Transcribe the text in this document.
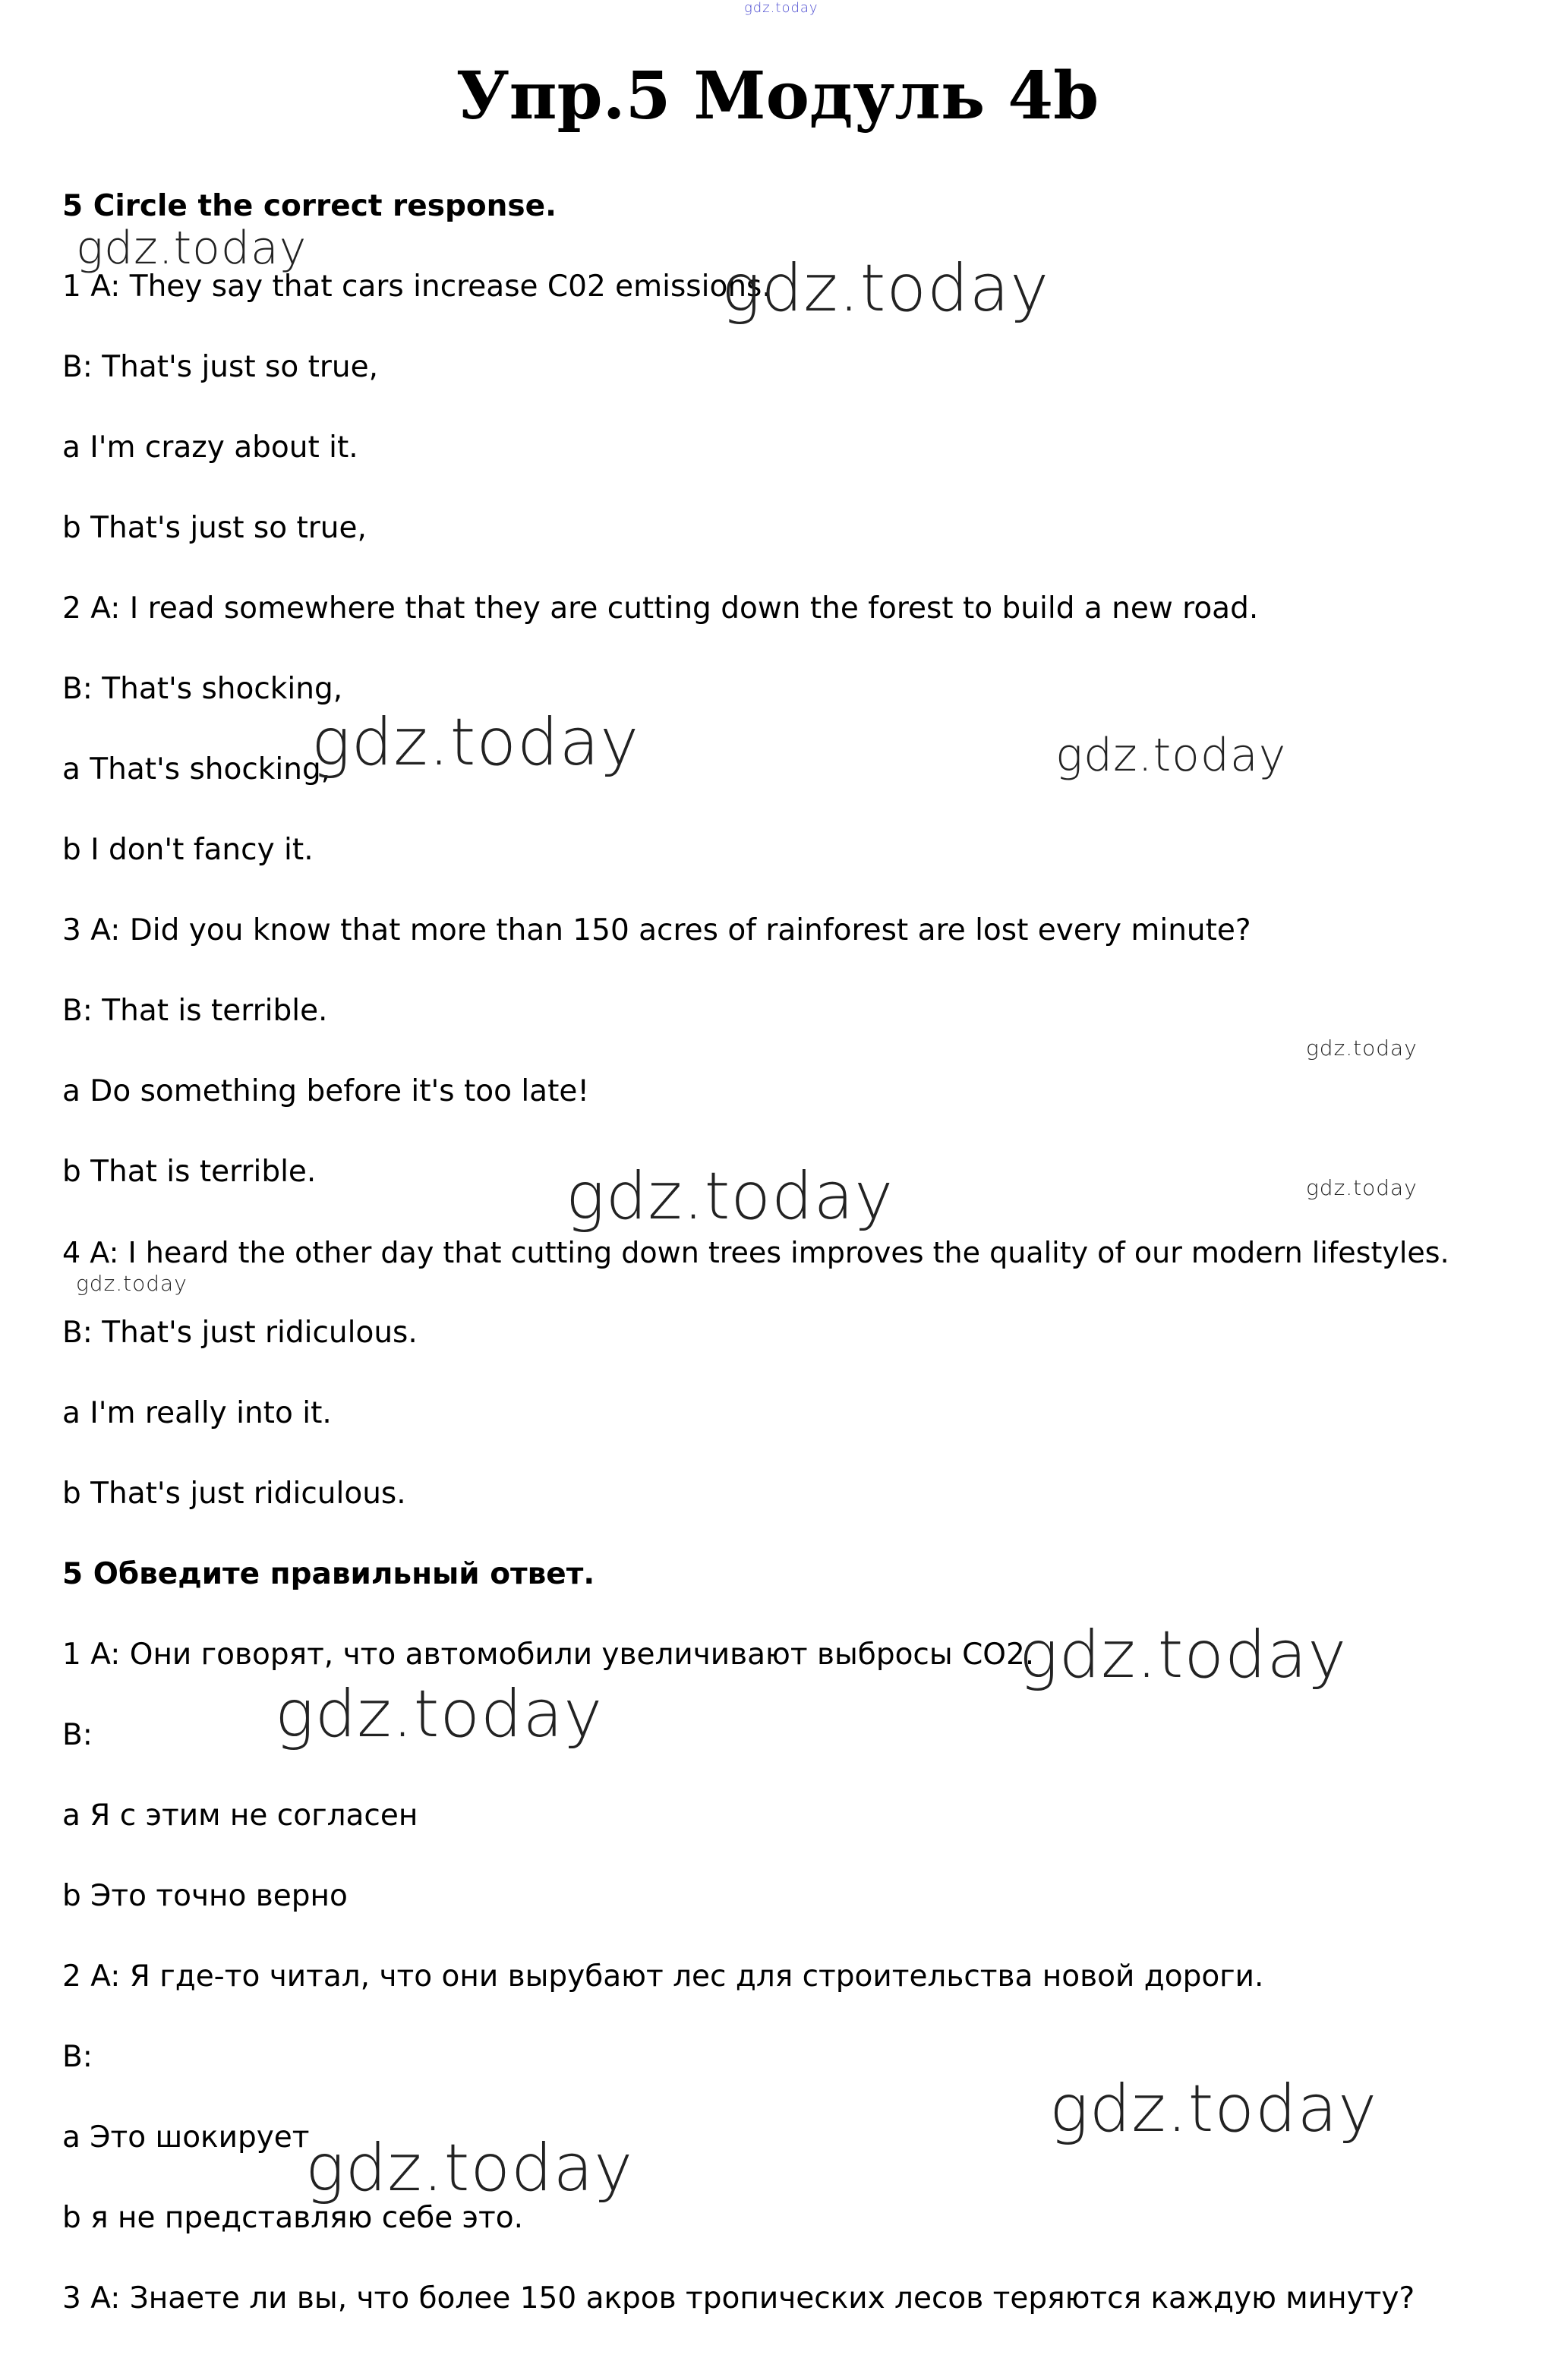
Упр.5 Модуль 4b
5 Circle the correct response.
1 A: They say that cars increase C02 emissions.
B: That's just so true,
a I'm crazy about it.
b That's just so true,
2 A: I read somewhere that they are cutting down the forest to build a new road.
B: That's shocking,
a That's shocking,
b I don't fancy it.
3 A: Did you know that more than 150 acres of rainforest are lost every minute?
B: That is terrible.
a Do something before it's too late!
b That is terrible.
4 A: I heard the other day that cutting down trees improves the quality of our modern lifestyles.
B: That's just ridiculous.
a I'm really into it.
b That's just ridiculous.
5 Обведите правильный ответ.
1 A: Они говорят, что автомобили увеличивают выбросы CO2.
B:
a Я с этим не согласен
b Это точно верно
2 A: Я где-то читал, что они вырубают лес для строительства новой дороги.
B:
a Это шокирует
b я не представляю себе это.
3 A: Знаете ли вы, что более 150 акров тропических лесов теряются каждую минуту?
gdz.today
gdz.today
gdz.today
gdz.today	gdz.today
gdz.today
gdz.today	gdz.today
gdz.today
gdz.today
gdz.today
gdz.today
gdz.today
